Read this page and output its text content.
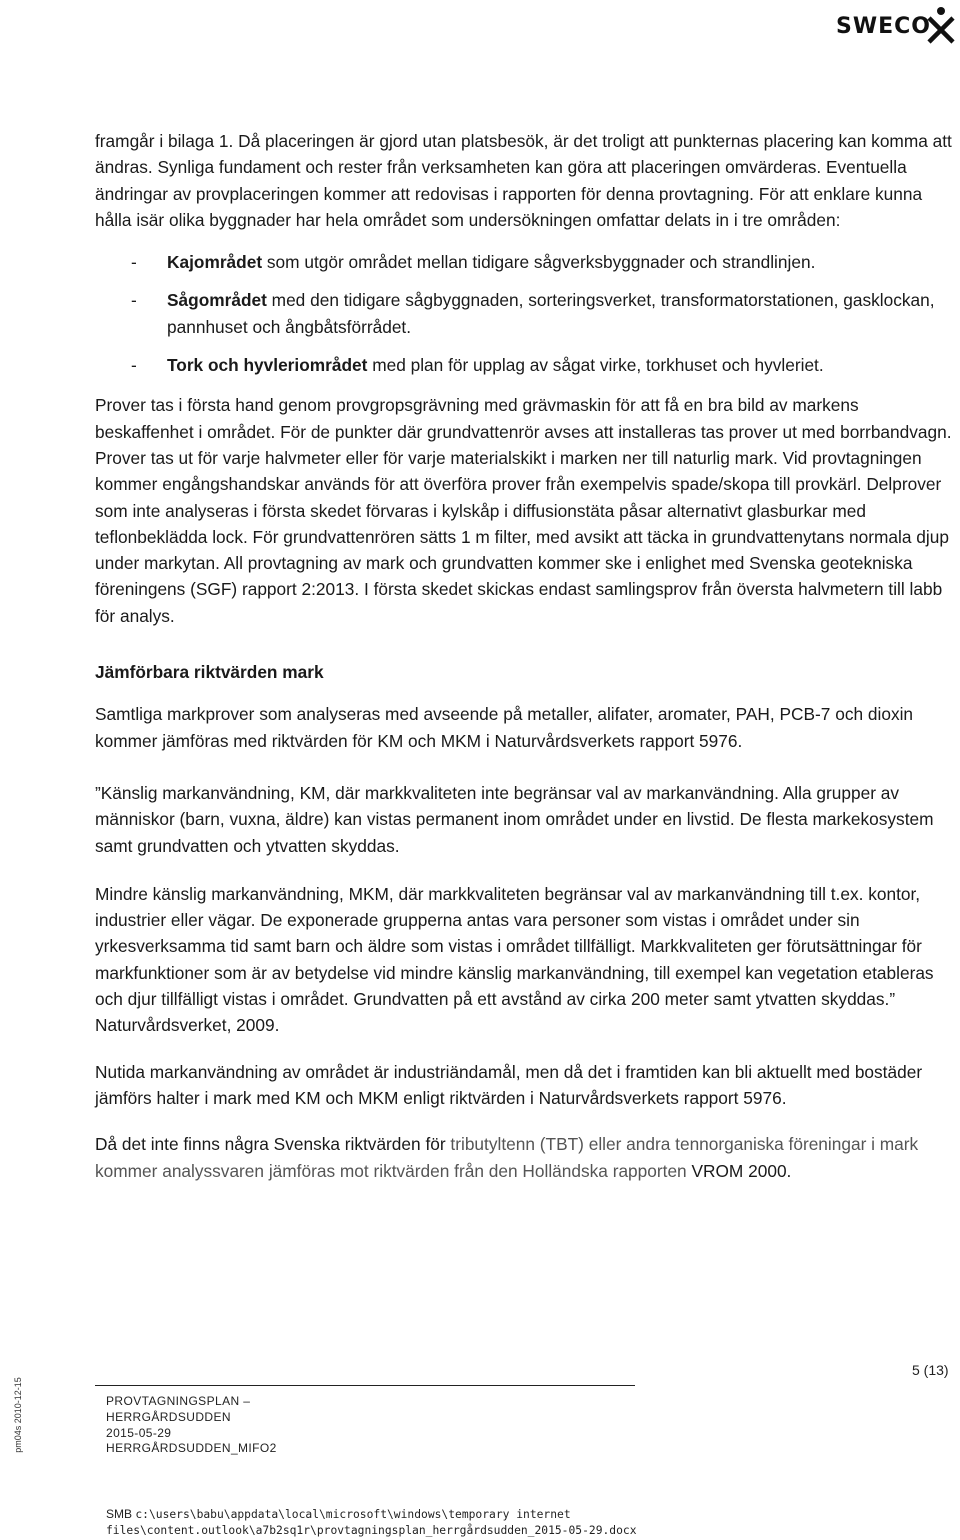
SWECO

framgår i bilaga 1. Då placeringen är gjord utan platsbesök, är det troligt att punkternas placering kan komma att ändras. Synliga fundament och rester från verksamheten kan göra att placeringen omvärderas. Eventuella ändringar av provplaceringen kommer att redovisas i rapporten för denna provtagning. För att enklare kunna hålla isär olika byggnader har hela området som undersökningen omfattar delats in i tre områden:

- Kajområdet som utgör området mellan tidigare sågverksbyggnader och strandlinjen.
- Sågområdet med den tidigare sågbyggnaden, sorteringsverket, transformatorstationen, gasklockan, pannhuset och ångbåtsförrådet.
- Tork och hyvleriområdet med plan för upplag av sågat virke, torkhuset och hyvleriet.

Prover tas i första hand genom provgropsgrävning med grävmaskin för att få en bra bild av markens beskaffenhet i området. För de punkter där grundvattenrör avses att installeras tas prover ut med borrbandvagn. Prover tas ut för varje halvmeter eller för varje materialskikt i marken ner till naturlig mark. Vid provtagningen kommer engångshandskar används för att överföra prover från exempelvis spade/skopa till provkärl. Delprover som inte analyseras i första skedet förvaras i kylskåp i diffusionstäta påsar alternativt glasburkar med teflonbeklädda lock. För grundvattenrören sätts 1 m filter, med avsikt att täcka in grundvattenytans normala djup under markytan. All provtagning av mark och grundvatten kommer ske i enlighet med Svenska geotekniska föreningens (SGF) rapport 2:2013. I första skedet skickas endast samlingsprov från översta halvmetern till labb för analys.

Jämförbara riktvärden mark

Samtliga markprover som analyseras med avseende på metaller, alifater, aromater, PAH, PCB-7 och dioxin kommer jämföras med riktvärden för KM och MKM i Naturvårdsverkets rapport 5976.

”Känslig markanvändning, KM, där markkvaliteten inte begränsar val av markanvändning. Alla grupper av människor (barn, vuxna, äldre) kan vistas permanent inom området under en livstid. De flesta markekosystem samt grundvatten och ytvatten skyddas.

Mindre känslig markanvändning, MKM, där markkvaliteten begränsar val av markanvändning till t.ex. kontor, industrier eller vägar. De exponerade grupperna antas vara personer som vistas i området under sin yrkesverksamma tid samt barn och äldre som vistas i området tillfälligt. Markkvaliteten ger förutsättningar för markfunktioner som är av betydelse vid mindre känslig markanvändning, till exempel kan vegetation etableras och djur tillfälligt vistas i området. Grundvatten på ett avstånd av cirka 200 meter samt ytvatten skyddas.” Naturvårdsverket, 2009.

Nutida markanvändning av området är industriändamål, men då det i framtiden kan bli aktuellt med bostäder jämförs halter i mark med KM och MKM enligt riktvärden i Naturvårdsverkets rapport 5976.

Då det inte finns några Svenska riktvärden för tributyltenn (TBT) eller andra tennorganiska föreningar i mark kommer analyssvaren jämföras mot riktvärden från den Holländska rapporten VROM 2000.

pm04s 2010-12-15
5 (13)
PROVTAGNINGSPLAN –
HERRGÅRDSUDDEN
2015-05-29
HERRGÅRDSUDDEN_MIFO2
SMB c:\users\babu\appdata\local\microsoft\windows\temporary internet
files\content.outlook\a7b2sq1r\provtagningsplan_herrgårdsudden_2015-05-29.docx
